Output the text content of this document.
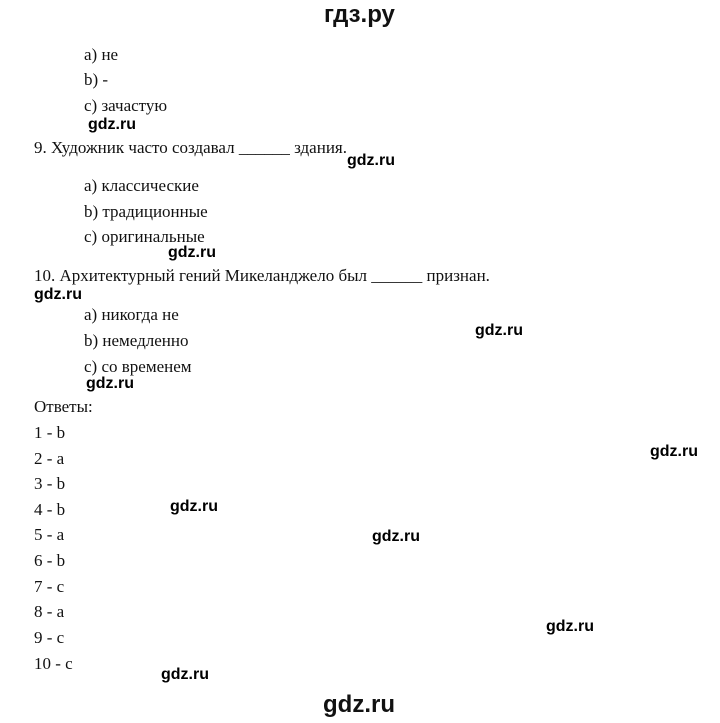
гдз.ру
a) не
b) -
c) зачастую
9. Художник часто создавал ______ здания.
a) классические
b) традиционные
c) оригинальные
10. Архитектурный гений Микеланджело был ______ признан.
a) никогда не
b) немедленно
c) со временем
Ответы:
1 - b
2 - a
3 - b
4 - b
5 - a
6 - b
7 - c
8 - a
9 - c
10 - c
gdz.ru
gdz.ru
gdz.ru
gdz.ru
gdz.ru
gdz.ru
gdz.ru
gdz.ru
gdz.ru
gdz.ru
gdz.ru
gdz.ru
